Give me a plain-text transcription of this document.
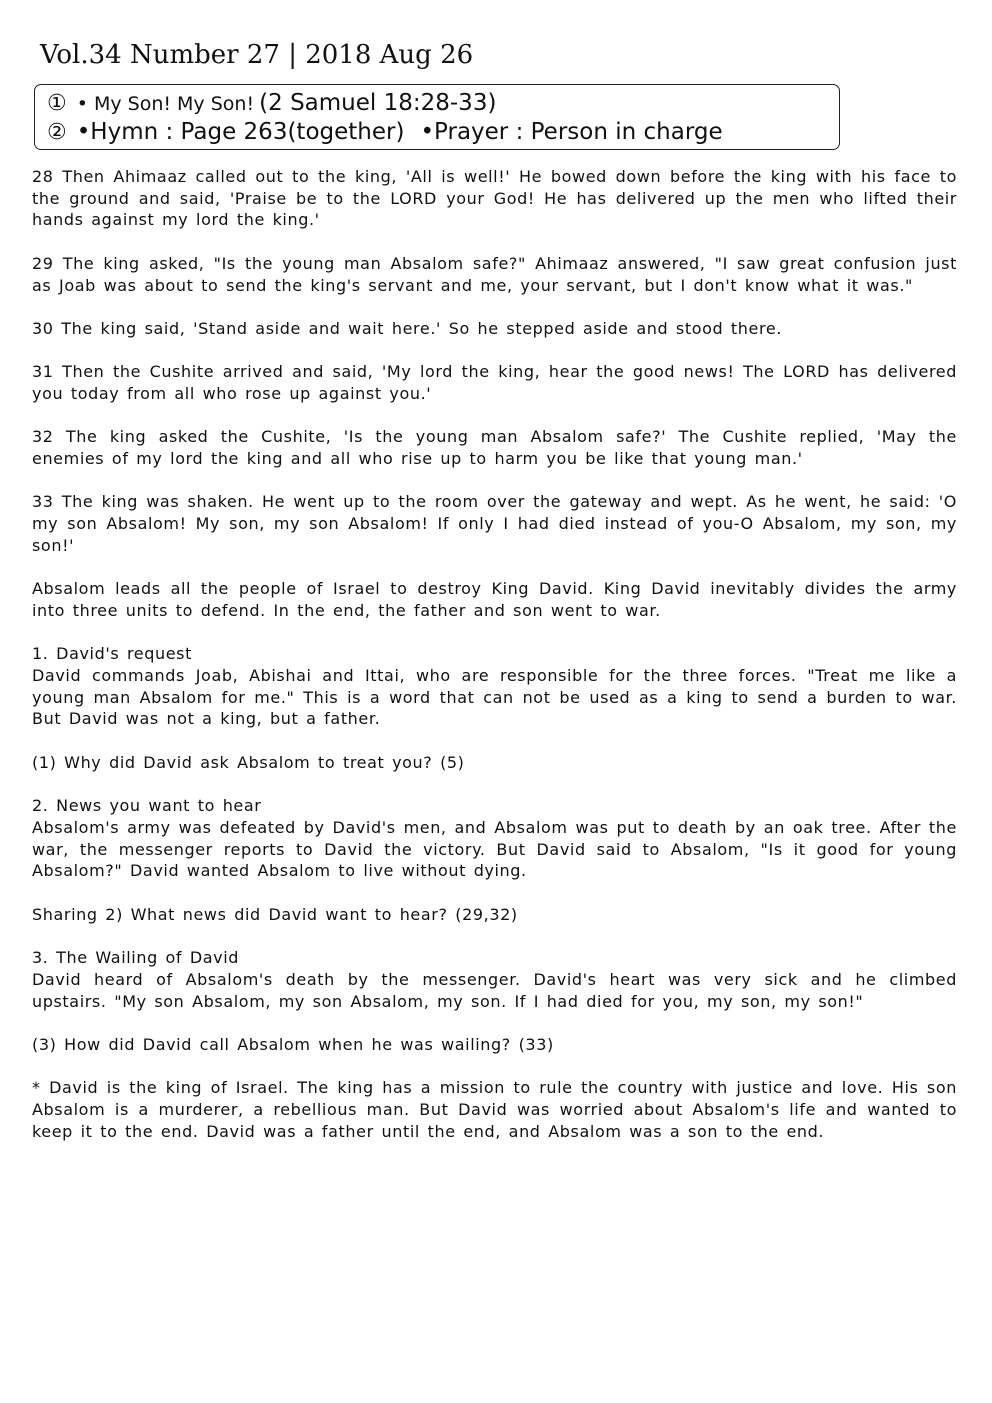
Vol.34 Number 27 | 2018 Aug 26
① • My Son! My Son! (2 Samuel 18:28-33)
② •Hymn : Page 263(together) •Prayer : Person in charge

28 Then Ahimaaz called out to the king, 'All is well!' He bowed down before the king with his face to the ground and said, 'Praise be to the LORD your God! He has delivered up the men who lifted their hands against my lord the king.'

29 The king asked, "Is the young man Absalom safe?" Ahimaaz answered, "I saw great confusion just as Joab was about to send the king's servant and me, your servant, but I don't know what it was."

30 The king said, 'Stand aside and wait here.' So he stepped aside and stood there.

31 Then the Cushite arrived and said, 'My lord the king, hear the good news! The LORD has delivered you today from all who rose up against you.'

32 The king asked the Cushite, 'Is the young man Absalom safe?' The Cushite replied, 'May the enemies of my lord the king and all who rise up to harm you be like that young man.'

33 The king was shaken. He went up to the room over the gateway and wept. As he went, he said: 'O my son Absalom! My son, my son Absalom! If only I had died instead of you-O Absalom, my son, my son!'

Absalom leads all the people of Israel to destroy King David. King David inevitably divides the army into three units to defend. In the end, the father and son went to war.

1. David's request
David commands Joab, Abishai and Ittai, who are responsible for the three forces. "Treat me like a young man Absalom for me." This is a word that can not be used as a king to send a burden to war. But David was not a king, but a father.

(1) Why did David ask Absalom to treat you? (5)

2. News you want to hear
Absalom's army was defeated by David's men, and Absalom was put to death by an oak tree. After the war, the messenger reports to David the victory. But David said to Absalom, "Is it good for young Absalom?" David wanted Absalom to live without dying.

Sharing 2) What news did David want to hear? (29,32)

3. The Wailing of David
David heard of Absalom's death by the messenger. David's heart was very sick and he climbed upstairs. "My son Absalom, my son Absalom, my son. If I had died for you, my son, my son!"

(3) How did David call Absalom when he was wailing? (33)

* David is the king of Israel. The king has a mission to rule the country with justice and love. His son Absalom is a murderer, a rebellious man. But David was worried about Absalom's life and wanted to keep it to the end. David was a father until the end, and Absalom was a son to the end.
